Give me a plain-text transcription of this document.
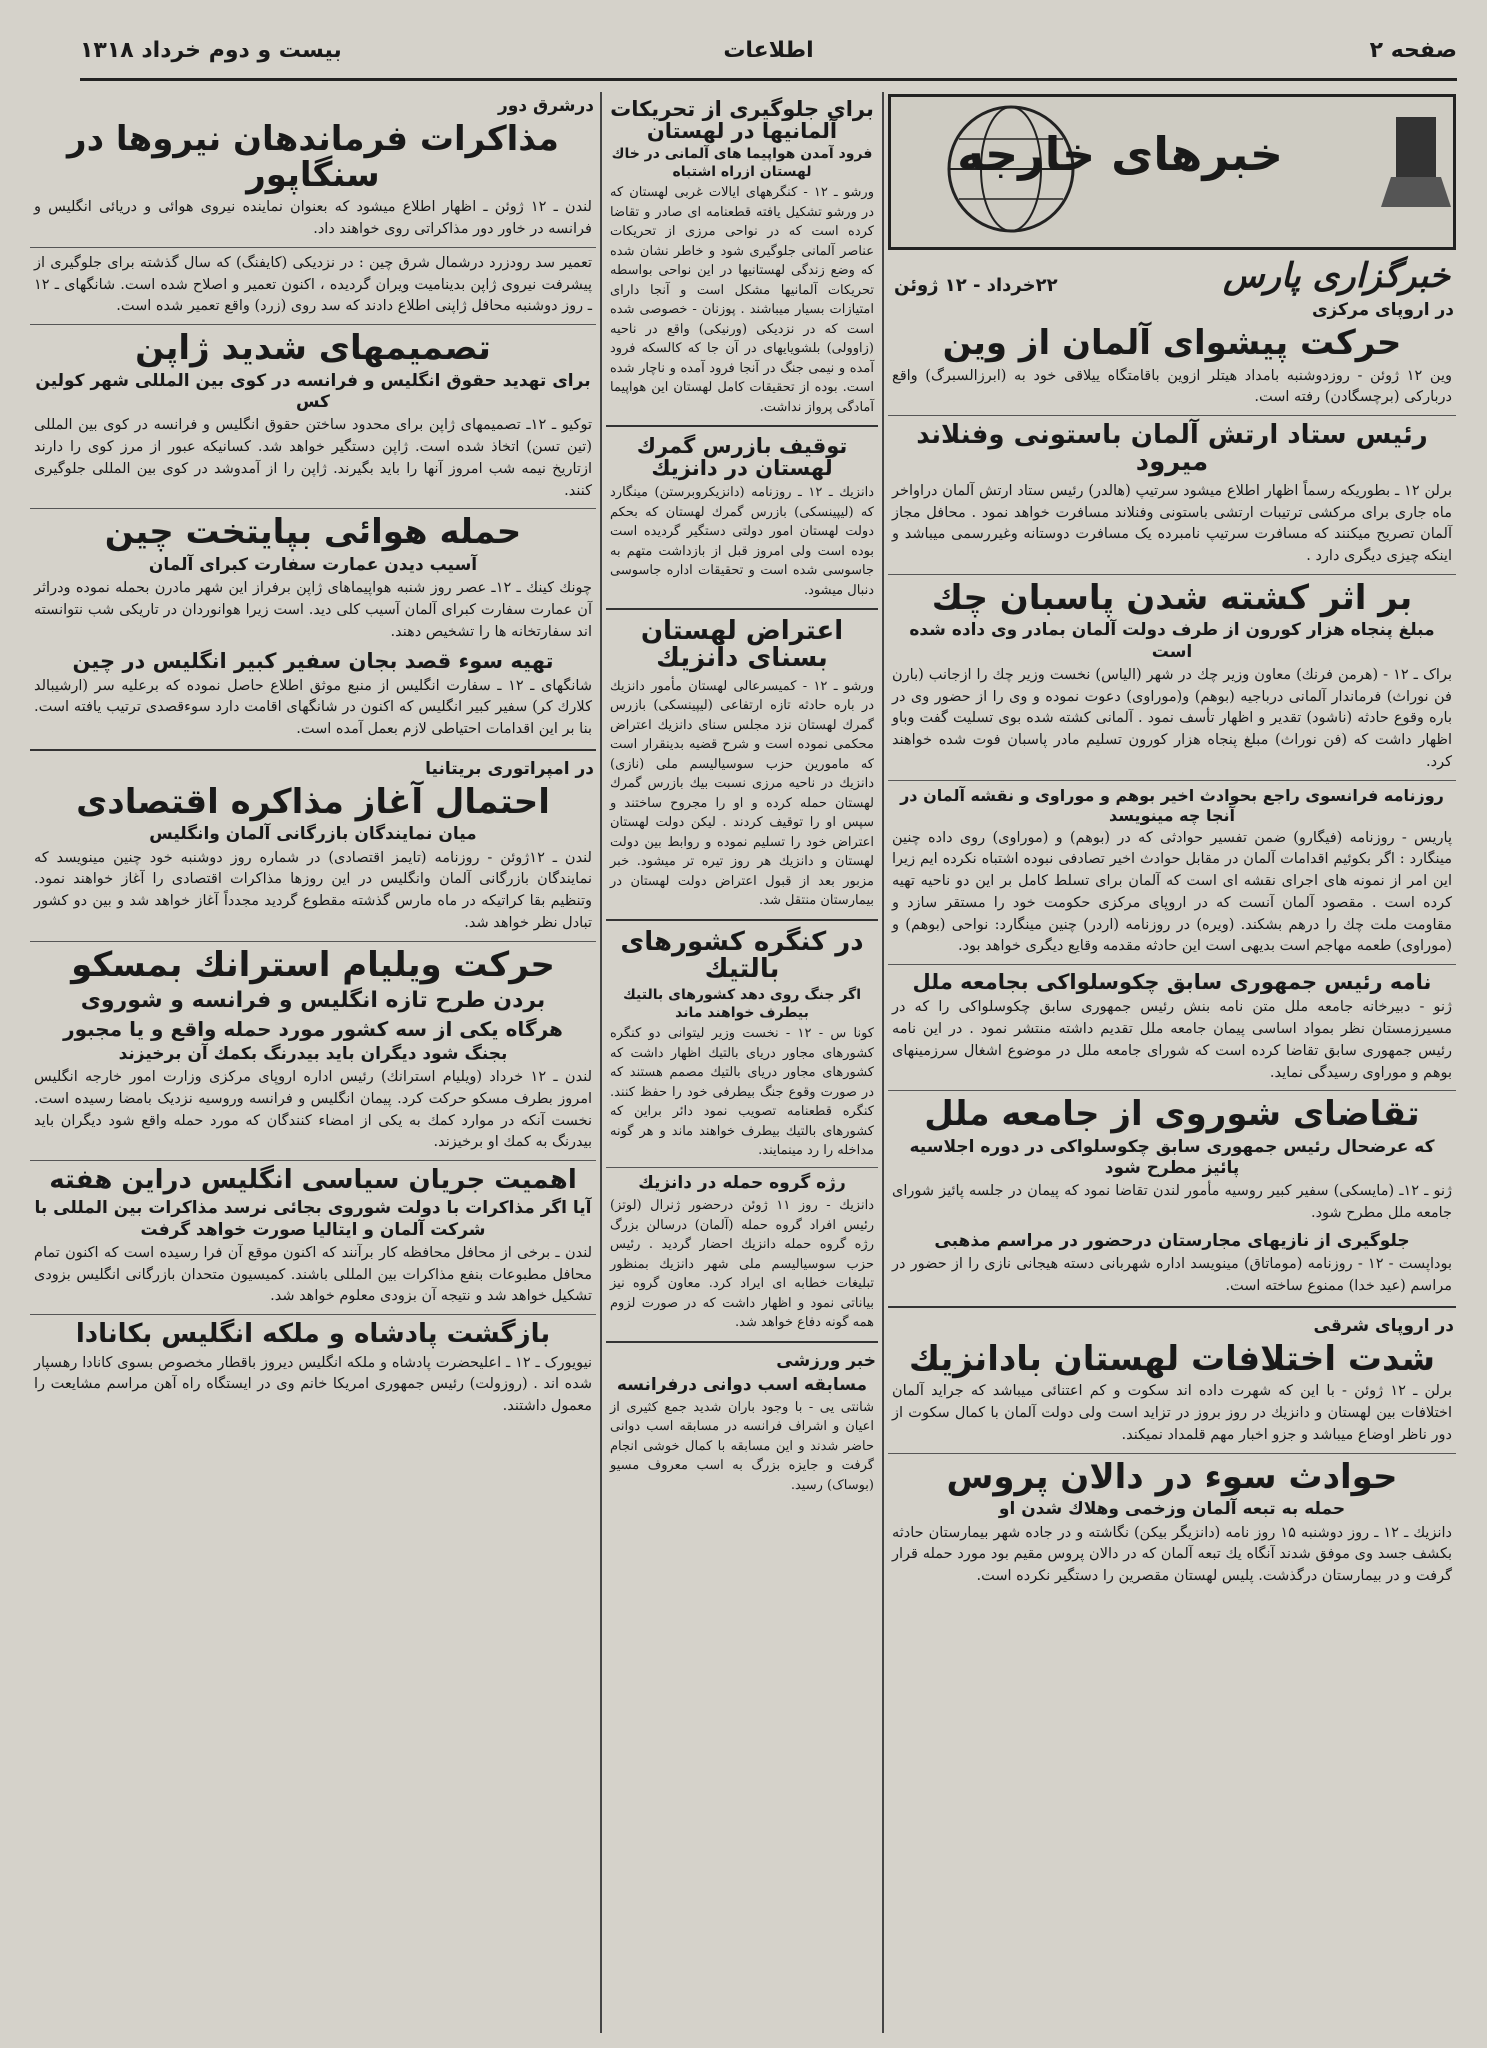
صفحه ۲
اطلاعات
بیست و دوم خرداد ۱۳۱۸
خبرهای خارجه
خبرگزاری پارس
۲۲خرداد - ۱۲ ژوئن
در اروپای مرکزی
حرکت پیشوای آلمان از وین

وین ۱۲ ژوئن - روزدوشنبه بامداد هیتلر ازوین باقامتگاه ییلاقی خود به (ابرزالسبرگ) واقع دربارکی (برچسگادن) رفته است.

رئیس ستاد ارتش آلمان باستونی وفنلاند میرود

برلن ۱۲ ـ بطوریکه رسماً اظهار اطلاع میشود سرتیپ (هالدر) رئیس ستاد ارتش آلمان دراواخر ماه جاری برای مرکشی ترتیبات ارتشی باستونی وفنلاند مسافرت خواهد نمود . محافل مجاز آلمان تصریح میکنند که مسافرت سرتیپ نامبرده یک مسافرت دوستانه وغیررسمی میباشد و اینکه چیزی دیگری دارد .

بر اثر کشته شدن پاسبان چك
مبلغ پنجاه هزار کورون از طرف دولت آلمان بمادر وی داده شده است

براک ـ ۱۲ - (هرمن فرنك) معاون وزیر چك در شهر (الیاس) نخست وزیر چك را ازجانب (بارن فن نوراث) فرماندار آلمانی درباجیه (بوهم) و(موراوی) دعوت نموده و وی را از حضور وی در باره وقوع حادثه (ناشود) تقدیر و اظهار تأسف نمود . آلمانی کشته شده بوی تسلیت گفت وباو اظهار داشت که (فن نوراث) مبلغ پنجاه هزار کورون تسلیم مادر پاسبان فوت شده خواهند کرد.

روزنامه فرانسوی راجع بحوادث اخیر بوهم و موراوی و نقشه آلمان در آنجا چه مینویسد

پاریس - روزنامه (فیگارو) ضمن تفسیر حوادثی که در (بوهم) و (موراوی) روی داده چنین مینگارد : اگر بکوئیم اقدامات آلمان در مقابل حوادث اخیر تصادفی نبوده اشتباه نکرده ایم زیرا این امر از نمونه های اجرای نقشه ای است که آلمان برای تسلط کامل بر این دو ناحیه تهیه کرده است . مقصود آلمان آنست که در اروپای مرکزی حکومت خود را مستقر سازد و مقاومت ملت چك را درهم بشکند. (ویره) در روزنامه (اردر) چنین مینگارد: نواحی (بوهم) و (موراوی) طعمه مهاجم است بدیهی است این حادثه مقدمه وقایع دیگری خواهد بود.

نامه رئیس جمهوری سابق چکوسلواکی بجامعه ملل

ژنو - دبیرخانه جامعه ملل متن نامه بنش رئیس جمهوری سابق چکوسلواکی را که در مسیرزمستان نظر بمواد اساسی پیمان جامعه ملل تقدیم داشته منتشر نمود . در این نامه رئیس جمهوری سابق تقاضا کرده است که شورای جامعه ملل در موضوع اشغال سرزمینهای بوهم و موراوی رسیدگی نماید.

تقاضای شوروی از جامعه ملل
که عرضحال رئیس جمهوری سابق چکوسلواکی در دوره اجلاسیه پائیز مطرح شود

ژنو ـ ۱۲ـ (مایسکی) سفیر کبیر روسیه مأمور لندن تقاضا نمود که پیمان در جلسه پائیز شورای جامعه ملل مطرح شود.

جلوگیری از نازیهای مجارستان درحضور در مراسم مذهبی

بوداپست - ۱۲ - روزنامه (موماتاق) مینویسد اداره شهربانی دسته هیجانی نازی را از حضور در مراسم (عید خدا) ممنوع ساخته است.

در اروپای شرقی
شدت اختلافات لهستان بادانزیك

برلن ـ ۱۲ ژوئن - با این که شهرت داده اند سکوت و کم اعتنائی میباشد که جراید آلمان اختلافات بین لهستان و دانزیك در روز بروز در تزاید است ولی دولت آلمان با کمال سکوت از دور ناظر اوضاع میباشد و جزو اخبار مهم قلمداد نمیکند.

حوادث سوء در دالان پروس
حمله به تبعه آلمان وزخمی وهلاك شدن او

دانزیك ـ ۱۲ ـ روز دوشنبه ۱۵ روز نامه (دانزیگر بیکن) نگاشته و در جاده شهر بیمارستان حادثه بکشف جسد وی موفق شدند آنگاه یك تبعه آلمان که در دالان پروس مقیم بود مورد حمله قرار گرفت و در بیمارستان درگذشت. پلیس لهستان مقصرین را دستگیر نکرده است.

برای جلوگیری از تحریکات آلمانیها در لهستان
فرود آمدن هواپیما های آلمانی در خاك لهستان ازراه اشتباه

ورشو ـ ۱۲ - کنگرههای ایالات غربی لهستان که در ورشو تشکیل یافته قطعنامه ای صادر و تقاضا کرده است که در نواحی مرزی از تحریکات عناصر آلمانی جلوگیری شود و خاطر نشان شده که وضع زندگی لهستانیها در این نواحی بواسطه تحریکات آلمانیها مشکل است و آنجا دارای امتیازات بسیار میباشند . پوزنان - خصوصی شده است که در نزدیکی (ورنیکی) واقع در ناحیه (زاوولی) بلشویایهای در آن جا که کالسکه فرود آمده و نیمی جنگ در آنجا فرود آمده و ناچار شده است. بوده از تحقیقات کامل لهستان این هواپیما آمادگی پرواز نداشت.

توقیف بازرس گمرك لهستان در دانزیك

دانزیك ـ ۱۲ ـ روزنامه (دانزیکروبرستن) مینگارد که (لیپینسکی) بازرس گمرك لهستان که بحکم دولت لهستان امور دولتی دستگیر گردیده است بوده است ولی امروز قبل از بازداشت متهم به جاسوسی شده است و تحقیقات اداره جاسوسی دنبال میشود.

اعتراض لهستان بسنای دانزیك

ورشو ـ ۱۲ - کمیسرعالی لهستان مأمور دانزیك در باره حادثه تازه ارتفاعی (لیپینسکی) بازرس گمرك لهستان نزد مجلس سنای دانزیك اعتراض محکمی نموده است و شرح قضیه بدینقرار است که مامورین حزب سوسیالیسم ملی (نازی) دانزیك در ناحیه مرزی نسبت بیك بازرس گمرك لهستان حمله کرده و او را مجروح ساختند و سپس او را توقیف کردند . لیکن دولت لهستان اعتراض خود را تسلیم نموده و روابط بین دولت لهستان و دانزیك هر روز تیره تر میشود. خبر مزبور بعد از قبول اعتراض دولت لهستان در بیمارستان منتقل شد.

در کنگره کشورهای بالتیك
اگر جنگ روی دهد کشورهای بالتیك بیطرف خواهند ماند

کونا س - ۱۲ - نخست وزیر لیتوانی دو کنگره کشورهای مجاور دریای بالتیك اظهار داشت که کشورهای مجاور دریای بالتیك مصمم هستند که در صورت وقوع جنگ بیطرفی خود را حفظ کنند. کنگره قطعنامه تصویب نمود دائر براین که کشورهای بالتیك بیطرف خواهند ماند و هر گونه مداخله را رد مینمایند.

رژه گروه حمله در دانزیك

دانزیك - روز ۱۱ ژوئن درحضور ژنرال (لوتز) رئیس افراد گروه حمله (آلمان) درسالن بزرگ رژه گروه حمله دانزیك احضار گردید . رئیس حزب سوسیالیسم ملی شهر دانزیك بمنظور تبلیغات خطابه ای ایراد کرد. معاون گروه نیز بیاناتی نمود و اظهار داشت که در صورت لزوم همه گونه دفاع خواهد شد.

خبر ورزشی
مسابقه اسب دوانی درفرانسه

شانتی یی - با وجود باران شدید جمع کثیری از اعیان و اشراف فرانسه در مسابقه اسب دوانی حاضر شدند و این مسابقه با کمال خوشی انجام گرفت و جایزه بزرگ به اسب معروف مسیو (بوساک) رسید.

درشرق دور
مذاکرات فرماندهان نیروها در سنگاپور

لندن ـ ۱۲ ژوئن ـ اظهار اطلاع میشود که بعنوان نماینده نیروی هوائی و دریائی انگلیس و فرانسه در خاور دور مذاکراتی روی خواهند داد.

تعمیر سد رودزرد درشمال شرق چین : در نزدیکی (کایفنگ) که سال گذشته برای جلوگیری از پیشرفت نیروی ژاپن بدینامیت ویران گردیده ، اکنون تعمیر و اصلاح شده است. شانگهای ـ ۱۲ ـ روز دوشنبه محافل ژاپنی اطلاع دادند که سد روی (زرد) واقع تعمیر شده است.

تصمیمهای شدید ژاپن
برای تهدید حقوق انگلیس و فرانسه در کوی بین المللی شهر کولین کس

توکیو ـ ۱۲ـ تصمیمهای ژاپن برای محدود ساختن حقوق انگلیس و فرانسه در کوی بین المللی (تین تسن) اتخاذ شده است. ژاپن دستگیر خواهد شد. کسانیکه عبور از مرز کوی را دارند ازتاریخ نیمه شب امروز آنها را باید بگیرند. ژاپن را از آمدوشد در کوی بین المللی جلوگیری کنند.

حمله هوائی بپایتخت چین
آسیب دیدن عمارت سفارت کبرای آلمان

چونك كينك ـ ۱۲ـ عصر روز شنبه هواپیماهای ژاپن برفراز این شهر مادرن بحمله نموده ودراثر آن عمارت سفارت کبرای آلمان آسیب کلی دید. است زیرا هوانوردان در تاریکی شب نتوانسته اند سفارتخانه ها را تشخیص دهند.

تهیه سوء قصد بجان سفیر کبیر انگلیس در چین

شانگهای ـ ۱۲ ـ سفارت انگلیس از منبع موثق اطلاع حاصل نموده که برعلیه سر (ارشیبالد کلارك کر) سفیر کبیر انگلیس که اکنون در شانگهای اقامت دارد سوءقصدی ترتیب یافته است. بنا بر این اقدامات احتیاطی لازم بعمل آمده است.

در امپراتوری بریتانیا
احتمال آغاز مذاکره اقتصادی
میان نمایندگان بازرگانی آلمان وانگلیس

لندن ـ ۱۲ژوئن - روزنامه (تایمز اقتصادی) در شماره روز دوشنبه خود چنین مینویسد که نمایندگان بازرگانی آلمان وانگلیس در این روزها مذاکرات اقتصادی را آغاز خواهند نمود. وتنظیم بقا کراتیکه در ماه مارس گذشته مقطوع گردید مجدداً آغاز خواهد شد و بین دو کشور تبادل نظر خواهد شد.

حرکت ویلیام استرانك بمسکو
بردن طرح تازه انگلیس و فرانسه و شوروی
هرگاه یکی از سه کشور مورد حمله واقع و یا مجبور
بجنگ شود دیگران باید بیدرنگ بکمك آن برخیزند

لندن ـ ۱۲ خرداد (ویلیام استرانك) رئیس اداره اروپای مرکزی وزارت امور خارجه انگلیس امروز بطرف مسکو حرکت کرد. پیمان انگلیس و فرانسه وروسیه نزدیک بامضا رسیده است. نخست آنکه در موارد کمك به یکی از امضاء کنندگان که مورد حمله واقع شود دیگران باید بیدرنگ به کمك او برخیزند.

اهمیت جریان سیاسی انگلیس دراین هفته
آیا اگر مذاکرات با دولت شوروی بجائی نرسد مذاکرات بین المللی با شرکت آلمان و ایتالیا صورت خواهد گرفت

لندن ـ برخی از محافل محافظه کار برآنند که اکنون موقع آن فرا رسیده است که اکنون تمام محافل مطبوعات بنفع مذاکرات بین المللی باشند. کمیسیون متحدان بازرگانی انگلیس بزودی تشکیل خواهد شد و نتیجه آن بزودی معلوم خواهد شد.

بازگشت پادشاه و ملکه انگلیس بکانادا

نیویورک ـ ۱۲ ـ اعلیحضرت پادشاه و ملکه انگلیس دیروز باقطار مخصوص بسوی کانادا رهسپار شده اند . (روزولت) رئیس جمهوری امریکا خانم وی در ایستگاه راه آهن مراسم مشایعت را معمول داشتند.
